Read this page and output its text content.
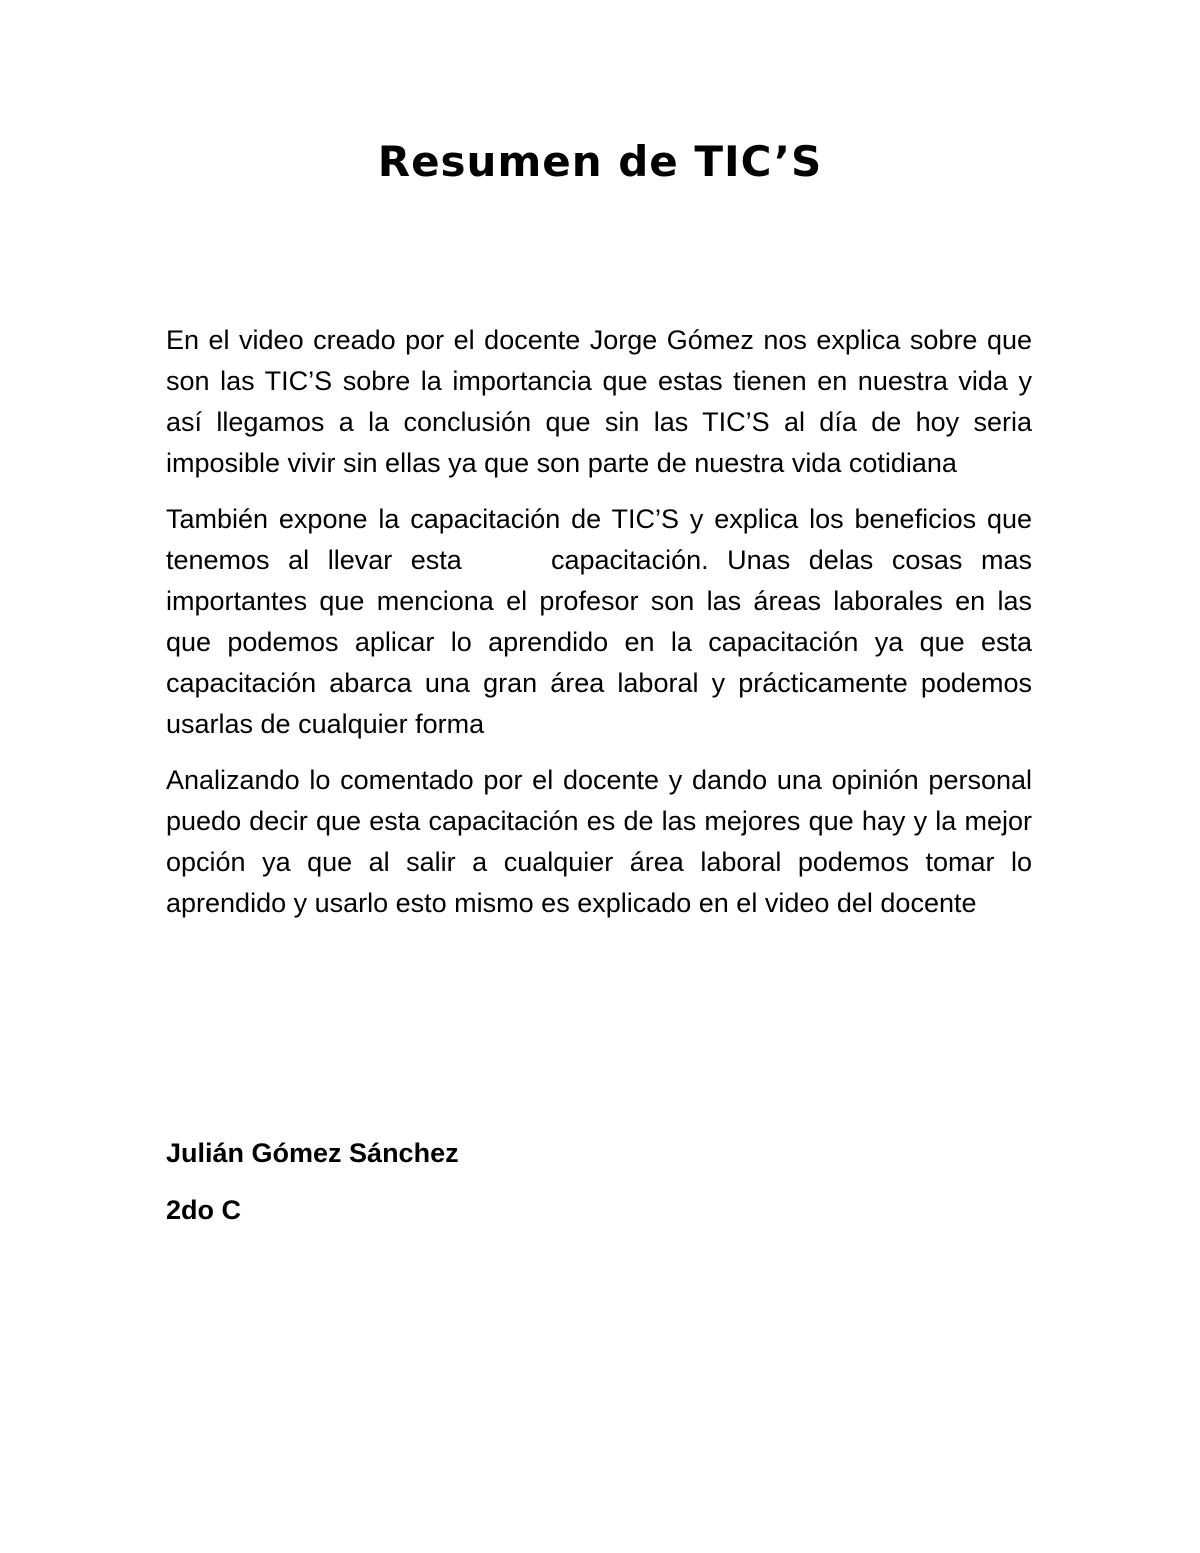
Resumen de TIC’S

En el video creado por el docente Jorge Gómez nos explica sobre que son las TIC’S sobre la importancia que estas tienen en nuestra vida y así llegamos a la conclusión que sin las TIC’S al día de hoy seria imposible vivir sin ellas ya que son parte de nuestra vida cotidiana

También expone la capacitación de TIC’S y explica los beneficios que tenemos al llevar esta	capacitación. Unas delas cosas mas importantes que menciona el profesor son las áreas laborales en las que podemos aplicar lo aprendido en la capacitación ya que esta capacitación abarca una gran área laboral y prácticamente podemos usarlas de cualquier forma

Analizando lo comentado por el docente y dando una opinión personal puedo decir que esta capacitación es de las mejores que hay y la mejor opción ya que al salir a cualquier área laboral podemos tomar lo aprendido y usarlo esto mismo es explicado en el video del docente

Julián Gómez Sánchez

2do C
